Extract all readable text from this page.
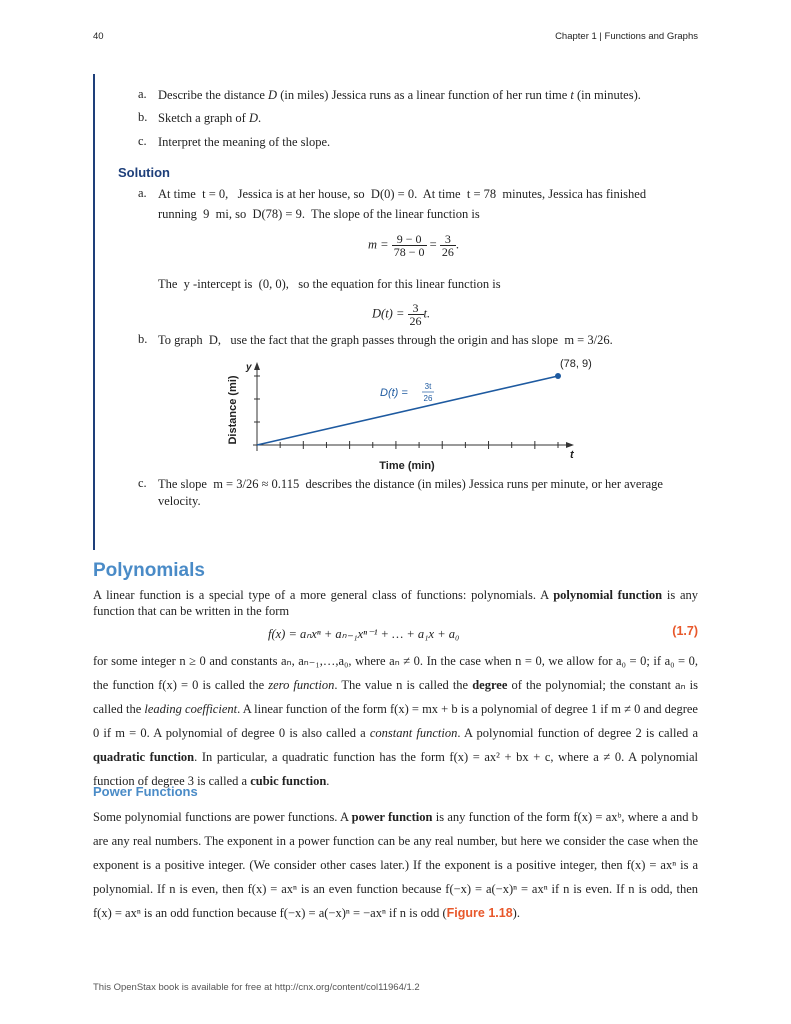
40	Chapter 1 | Functions and Graphs
a. Describe the distance D (in miles) Jessica runs as a linear function of her run time t (in minutes).
b. Sketch a graph of D.
c. Interpret the meaning of the slope.
Solution
a. At time  t = 0,   Jessica is at her house, so  D(0) = 0.  At time  t = 78  minutes, Jessica has finished
running  9  mi, so  D(78) = 9.  The slope of the linear function is
$m = \frac{9 - 0}{78 - 0} = \frac{3}{26}$ .
The  y -intercept is  (0, 0),   so the equation for this linear function is
$D(t) = \frac{3}{26} t$.
b. To graph  D,   use the fact that the graph passes through the origin and has slope  m = 3/26.
y
t
Time (min)
Distance (mi)
(78, 9)
D(t) =
3t
26
c. The slope  m = 3/26 ≈ 0.115  describes the distance (in miles) Jessica runs per minute, or her average
velocity.
Polynomials
A linear function is a special type of a more general class of functions: polynomials. A polynomial function is any function that can be written in the form
f(x) = aₙxⁿ + aₙ₋₁xⁿ⁻¹ + … + a₁x + a₀	(1.7)
for some integer n ≥ 0 and constants aₙ, aₙ₋₁,…,a₀, where aₙ ≠ 0. In the case when n = 0, we allow for a₀ = 0; if a₀ = 0, the function f(x) = 0 is called the zero function. The value n is called the degree of the polynomial; the constant aₙ is called the leading coefficient. A linear function of the form f(x) = mx + b is a polynomial of degree 1 if m ≠ 0 and degree 0 if m = 0. A polynomial of degree 0 is also called a constant function. A polynomial function of degree 2 is called a quadratic function. In particular, a quadratic function has the form f(x) = ax² + bx + c, where a ≠ 0. A polynomial function of degree 3 is called a cubic function.
Power Functions
Some polynomial functions are power functions. A power function is any function of the form f(x) = axᵇ, where a and b are any real numbers. The exponent in a power function can be any real number, but here we consider the case when the exponent is a positive integer. (We consider other cases later.) If the exponent is a positive integer, then f(x) = axⁿ is a polynomial. If n is even, then f(x) = axⁿ is an even function because f(−x) = a(−x)ⁿ = axⁿ if n is even. If n is odd, then f(x) = axⁿ is an odd function because f(−x) = a(−x)ⁿ = −axⁿ if n is odd (Figure 1.18).
This OpenStax book is available for free at http://cnx.org/content/col11964/1.2
